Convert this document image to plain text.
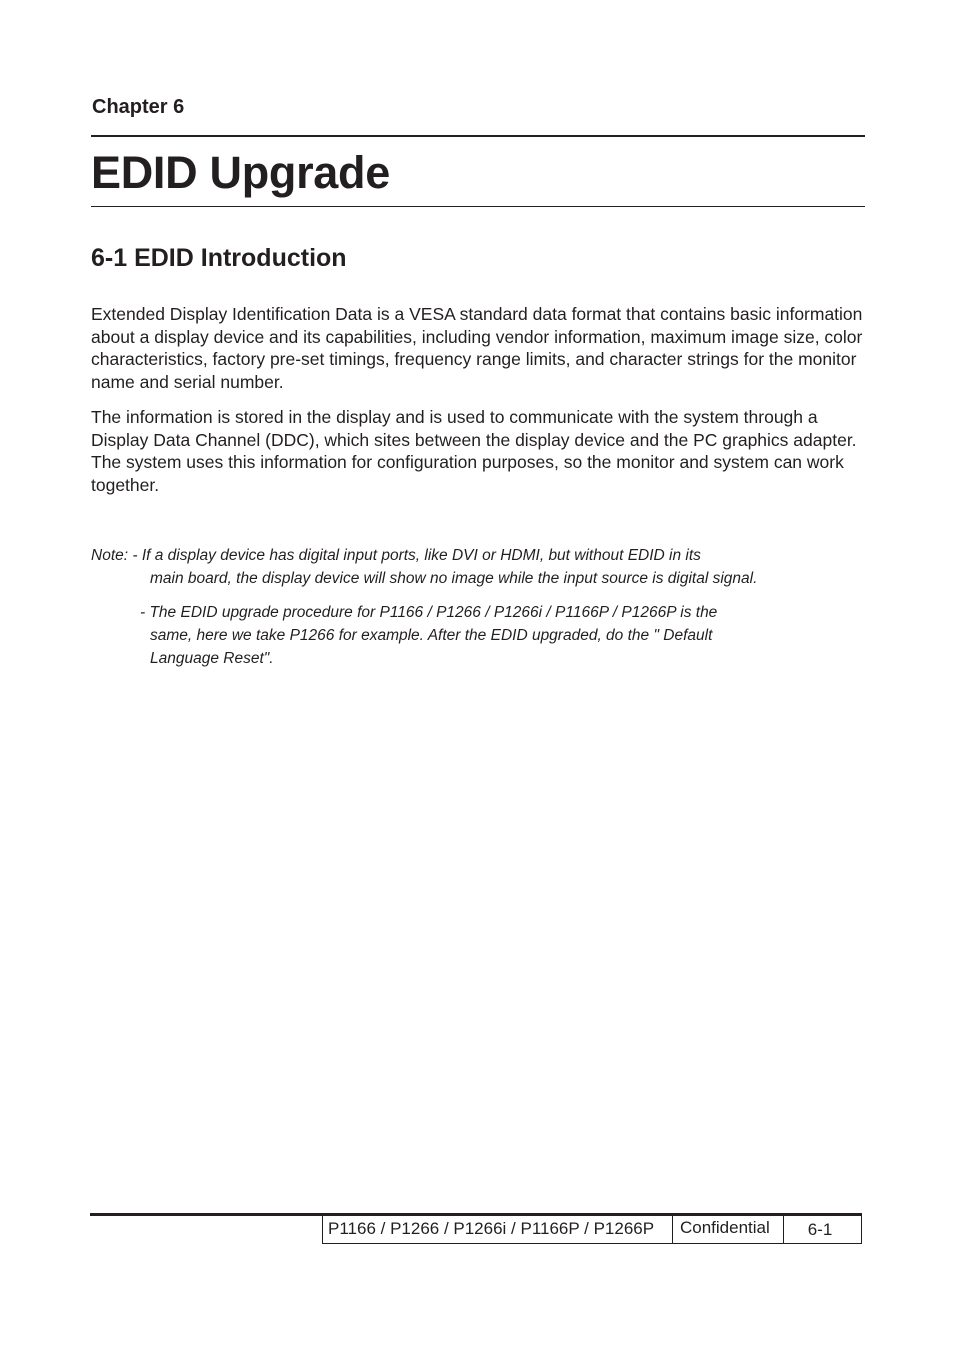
Chapter 6
EDID Upgrade
6-1 EDID Introduction

Extended Display Identification Data is a VESA standard data format that contains basic information about a display device and its capabilities, including vendor information, maximum image size, color characteristics, factory pre-set timings, frequency range limits, and character strings for the monitor name and serial number.

The information is stored in the display and is used to communicate with the system through a Display Data Channel (DDC), which sites between the display device and the PC graphics adapter. The system uses this information for configuration purposes, so the monitor and system can work together.

Note: - If a display device has digital input ports, like DVI or HDMI, but without EDID in its

main board, the display device will show no image while the input source is digital signal.

- The EDID upgrade procedure for P1166 / P1266 / P1266i / P1166P / P1266P is the

same, here we take P1266 for example. After the EDID upgraded, do the " Default

Language Reset".

P1166 / P1266 / P1266i / P1166P / P1266P	Confidential	6-1
